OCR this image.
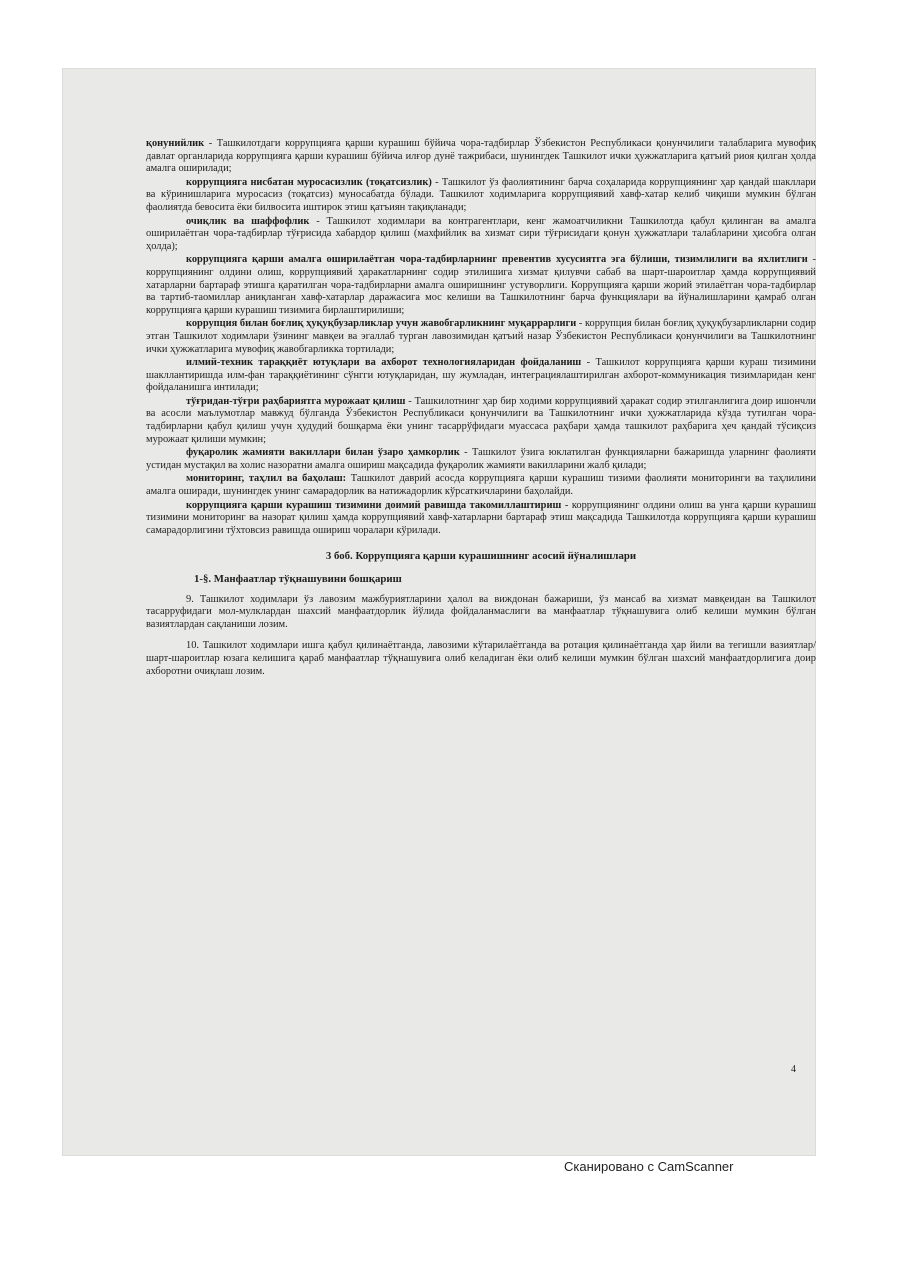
қонунийлик - Ташкилотдаги коррупцияга қарши курашиш бўйича чора-тадбирлар Ўзбекистон Республикаси қонунчилиги талабларига мувофиқ давлат органларида коррупцияга қарши курашиш бўйича илғор дунё тажрибаси, шунингдек Ташкилот ички ҳужжатларига қатъий риоя қилган ҳолда амалга оширилади;

коррупцияга нисбатан муросасизлик (тоқатсизлик) - Ташкилот ўз фаолиятининг барча соҳаларида коррупциянинг ҳар қандай шакллари ва кўринишларига муросасиз (тоқатсиз) муносабатда бўлади. Ташкилот ходимларига коррупциявий хавф-хатар келиб чиқиши мумкин бўлган фаолиятда бевосита ёки билвосита иштирок этиш қатъиян тақиқланади;

очиқлик ва шаффофлик - Ташкилот ходимлари ва контрагентлари, кенг жамоатчиликни Ташкилотда қабул қилинган ва амалга оширилаётган чора-тадбирлар тўғрисида хабардор қилиш (махфийлик ва хизмат сири тўғрисидаги қонун ҳужжатлари талабларини ҳисобга олган ҳолда);

коррупцияга қарши амалга оширилаётган чора-тадбирларнинг превентив хусусиятга эга бўлиши, тизимлилиги ва яхлитлиги - коррупциянинг олдини олиш, коррупциявий ҳаракатларнинг содир этилишига хизмат қилувчи сабаб ва шарт-шароитлар ҳамда коррупциявий хатарларни бартараф этишга қаратилган чора-тадбирларни амалга оширишнинг устуворлиги. Коррупцияга қарши жорий этилаётган чора-тадбирлар ва тартиб-таомиллар аниқланган хавф-хатарлар даражасига мос келиши ва Ташкилотнинг барча функциялари ва йўналишларини қамраб олган коррупцияга қарши курашиш тизимига бирлаштирилиши;

коррупция билан боғлиқ ҳуқуқбузарликлар учун жавобгарликнинг муқаррарлиги - коррупция билан боғлиқ ҳуқуқбузарликларни содир этган Ташкилот ходимлари ўзининг мавқеи ва эгаллаб турган лавозимидан қатъий назар Ўзбекистон Республикаси қонунчилиги ва Ташкилотнинг ички ҳужжатларига мувофиқ жавобгарликка тортилади;

илмий-техник тараққиёт ютуқлари ва ахборот технологияларидан фойдаланиш - Ташкилот коррупцияга қарши кураш тизимини шакллантиришда илм-фан тараққиётининг сўнгги ютуқларидан, шу жумладан, интеграциялаштирилган ахборот-коммуникация тизимларидан кенг фойдаланишга интилади;

тўғридан-тўғри раҳбариятга мурожаат қилиш - Ташкилотнинг ҳар бир ходими коррупциявий ҳаракат содир этилганлигига доир ишончли ва асосли маълумотлар мавжуд бўлганда Ўзбекистон Республикаси қонунчилиги ва Ташкилотнинг ички ҳужжатларида кўзда тутилган чора-тадбирларни қабул қилиш учун ҳудудий бошқарма ёки унинг тасаррўфидаги муассаса раҳбари ҳамда ташкилот раҳбарига ҳеч қандай тўсиқсиз мурожаат қилиши мумкин;

фуқаролик жамияти вакиллари билан ўзаро ҳамкорлик - Ташкилот ўзига юклатилган функцияларни бажаришда уларнинг фаолияти устидан мустақил ва холис назоратни амалга ошириш мақсадида фуқаролик жамияти вакилларини жалб қилади;

мониторинг, таҳлил ва баҳолаш: Ташкилот даврий асосда коррупцияга қарши курашиш тизими фаолияти мониторинги ва таҳлилини амалга оширади, шунингдек унинг самарадорлик ва натижадорлик кўрсаткичларини баҳолайди.

коррупцияга қарши курашиш тизимини доимий равишда такомиллаштириш - коррупциянинг олдини олиш ва унга қарши курашиш тизимини мониторинг ва назорат қилиш ҳамда коррупциявий хавф-хатарларни бартараф этиш мақсадида Ташкилотда коррупцияга қарши курашиш самарадорлигини тўхтовсиз равишда ошириш чоралари кўрилади.

3 боб. Коррупцияга қарши курашишнинг асосий йўналишлари
1-§. Манфаатлар тўқнашувини бошқариш

9. Ташкилот ходимлари ўз лавозим мажбуриятларини ҳалол ва виждонан бажариши, ўз мансаб ва хизмат мавқеидан ва Ташкилот тасарруфидаги мол-мулклардан шахсий манфаатдорлик йўлида фойдаланмаслиги ва манфаатлар тўқнашувига олиб келиши мумкин бўлган вазиятлардан сақланиши лозим.

10. Ташкилот ходимлари ишга қабул қилинаётганда, лавозими кўтарилаётганда ва ротация қилинаётганда ҳар йили ва тегишли вазиятлар/шарт-шароитлар юзага келишига қараб манфаатлар тўқнашувига олиб келадиган ёки олиб келиши мумкин бўлган шахсий манфаатдорлигига доир ахборотни очиқлаш лозим.

4
Сканировано с CamScanner
